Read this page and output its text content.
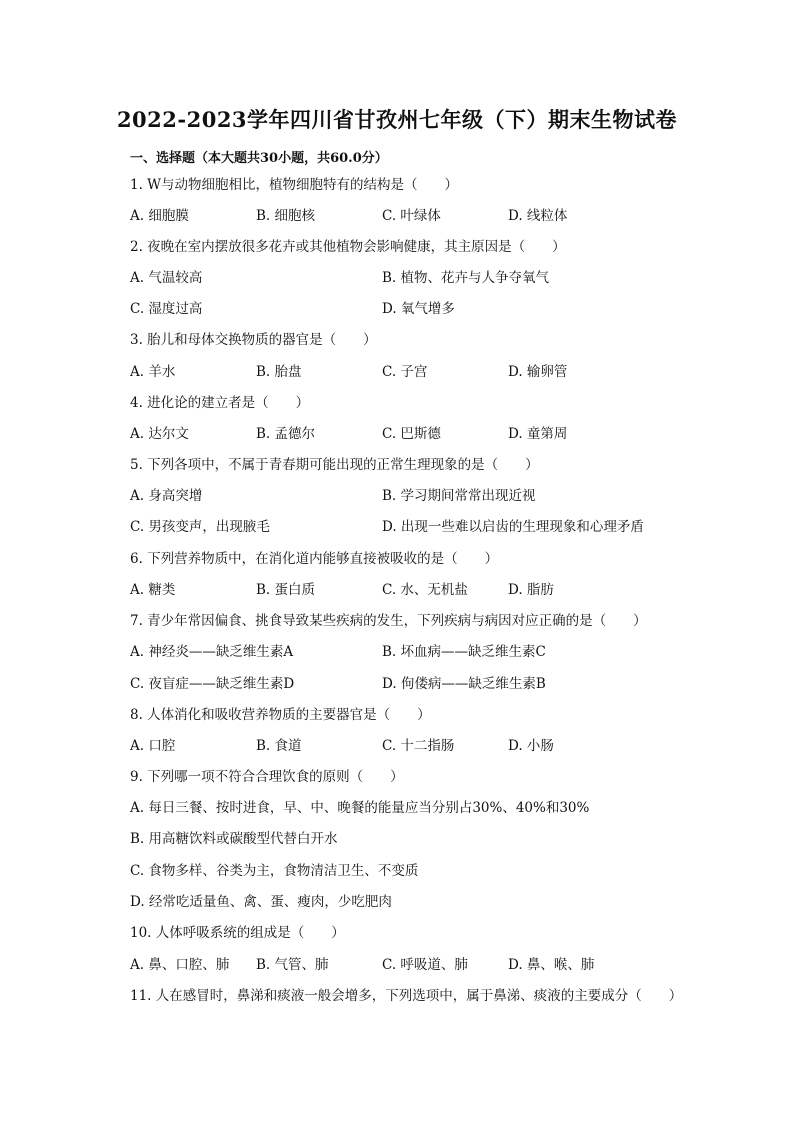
2022-2023学年四川省甘孜州七年级（下）期末生物试卷
一、选择题（本大题共30小题，共60.0分）
1. W与动物细胞相比，植物细胞特有的结构是（　　）
A. 细胞膜	B. 细胞核	C. 叶绿体	D. 线粒体
2. 夜晚在室内摆放很多花卉或其他植物会影响健康，其主原因是（　　）
A. 气温较高	B. 植物、花卉与人争夺氧气
C. 湿度过高	D. 氧气增多
3. 胎儿和母体交换物质的器官是（　　）
A. 羊水	B. 胎盘	C. 子宫	D. 输卵管
4. 进化论的建立者是（　　）
A. 达尔文	B. 孟德尔	C. 巴斯德	D. 童第周
5. 下列各项中，不属于青春期可能出现的正常生理现象的是（　　）
A. 身高突增	B. 学习期间常常出现近视
C. 男孩变声，出现腋毛	D. 出现一些难以启齿的生理现象和心理矛盾
6. 下列营养物质中，在消化道内能够直接被吸收的是（　　）
A. 糖类	B. 蛋白质	C. 水、无机盐	D. 脂肪
7. 青少年常因偏食、挑食导致某些疾病的发生，下列疾病与病因对应正确的是（　　）
A. 神经炎——缺乏维生素A	B. 坏血病——缺乏维生素C
C. 夜盲症——缺乏维生素D	D. 佝偻病——缺乏维生素B
8. 人体消化和吸收营养物质的主要器官是（　　）
A. 口腔	B. 食道	C. 十二指肠	D. 小肠
9. 下列哪一项不符合合理饮食的原则（　　）
A. 每日三餐、按时进食，早、中、晚餐的能量应当分别占30%、40%和30%
B. 用高糖饮料或碳酸型代替白开水
C. 食物多样、谷类为主，食物清洁卫生、不变质
D. 经常吃适量鱼、禽、蛋、瘦肉，少吃肥肉
10. 人体呼吸系统的组成是（　　）
A. 鼻、口腔、肺 B. 气管、肺	C. 呼吸道、肺	D. 鼻、喉、肺
11. 人在感冒时，鼻涕和痰液一般会增多，下列选项中，属于鼻涕、痰液的主要成分（　　）
